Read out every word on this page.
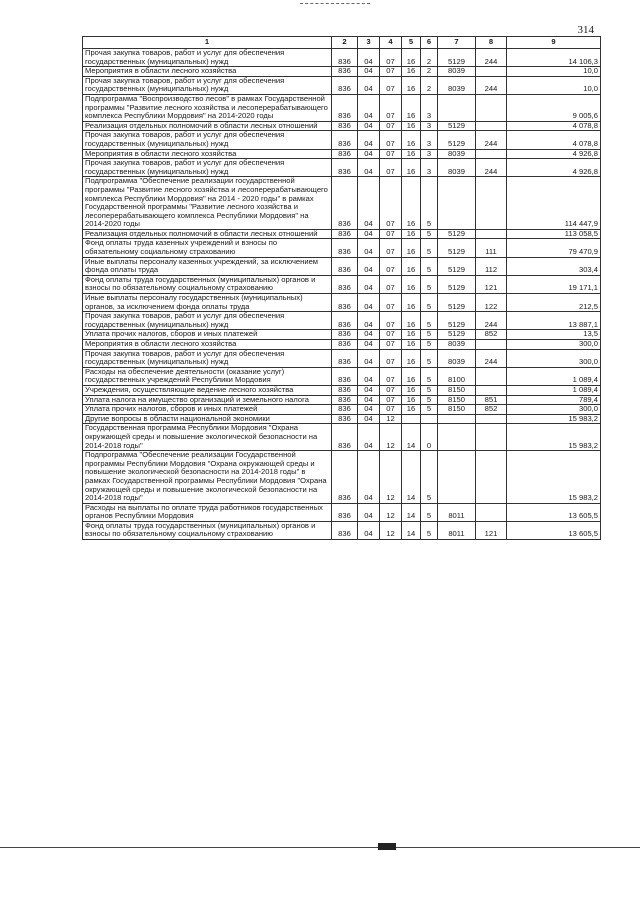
314
1	2	3	4	5	6	7	8	9
Прочая закупка товаров, работ и услуг для обеспечения государственных (муниципальных) нужд	836	04	07	16	2	5129	244	14 106,3
Мероприятия в области лесного хозяйства	836	04	07	16	2	8039		10,0
Прочая закупка товаров, работ и услуг для обеспечения государственных (муниципальных) нужд	836	04	07	16	2	8039	244	10,0
Подпрограмма "Воспроизводство лесов" в рамках Государственной программы "Развитие лесного хозяйства и лесоперерабатывающего комплекса Республики Мордовия" на 2014-2020 годы	836	04	07	16	3			9 005,6
Реализация отдельных полномочий в области лесных отношений	836	04	07	16	3	5129		4 078,8
Прочая закупка товаров, работ и услуг для обеспечения государственных (муниципальных) нужд	836	04	07	16	3	5129	244	4 078,8
Мероприятия в области лесного хозяйства	836	04	07	16	3	8039		4 926,8
Прочая закупка товаров, работ и услуг для обеспечения государственных (муниципальных) нужд	836	04	07	16	3	8039	244	4 926,8
Подпрограмма "Обеспечение реализации государственной программы "Развитие лесного хозяйства и лесоперерабатывающего комплекса Республики Мордовия" на 2014 - 2020 годы" в рамках Государственной программы "Развитие лесного хозяйства и лесоперерабатывающего комплекса Республики Мордовия" на 2014-2020 годы	836	04	07	16	5			114 447,9
Реализация отдельных полномочий в области лесных отношений	836	04	07	16	5	5129		113 058,5
Фонд оплаты труда казенных учреждений и взносы по обязательному социальному страхованию	836	04	07	16	5	5129	111	79 470,9
Иные выплаты персоналу казенных учреждений, за исключением фонда оплаты труда	836	04	07	16	5	5129	112	303,4
Фонд оплаты труда государственных (муниципальных) органов и взносы по обязательному социальному страхованию	836	04	07	16	5	5129	121	19 171,1
Иные выплаты персоналу государственных (муниципальных) органов, за исключением фонда оплаты труда	836	04	07	16	5	5129	122	212,5
Прочая закупка товаров, работ и услуг для обеспечения государственных (муниципальных) нужд	836	04	07	16	5	5129	244	13 887,1
Уплата прочих налогов, сборов и иных платежей	836	04	07	16	5	5129	852	13,5
Мероприятия в области лесного хозяйства	836	04	07	16	5	8039		300,0
Прочая закупка товаров, работ и услуг для обеспечения государственных (муниципальных) нужд	836	04	07	16	5	8039	244	300,0
Расходы на обеспечение деятельности (оказание услуг) государственных учреждений Республики Мордовия	836	04	07	16	5	8100		1 089,4
Учреждения, осуществляющие ведение лесного хозяйства	836	04	07	16	5	8150		1 089,4
Уплата налога на имущество организаций и земельного налога	836	04	07	16	5	8150	851	789,4
Уплата прочих налогов, сборов и иных платежей	836	04	07	16	5	8150	852	300,0
Другие вопросы в области национальной экономики	836	04	12					15 983,2
Государственная программа Республики Мордовия "Охрана окружающей среды и повышение экологической безопасности на 2014-2018 годы"	836	04	12	14	0			15 983,2
Подпрограмма "Обеспечение реализации Государственной программы Республики Мордовия "Охрана окружающей среды и повышение экологической безопасности на 2014-2018 годы" в рамках Государственной программы Республики Мордовия "Охрана окружающей среды и повышение экологической безопасности на 2014-2018 годы"	836	04	12	14	5			15 983,2
Расходы на выплаты по оплате труда работников государственных органов Республики Мордовия	836	04	12	14	5	8011		13 605,5
Фонд оплаты труда государственных (муниципальных) органов и взносы по обязательному социальному страхованию	836	04	12	14	5	8011	121	13 605,5
